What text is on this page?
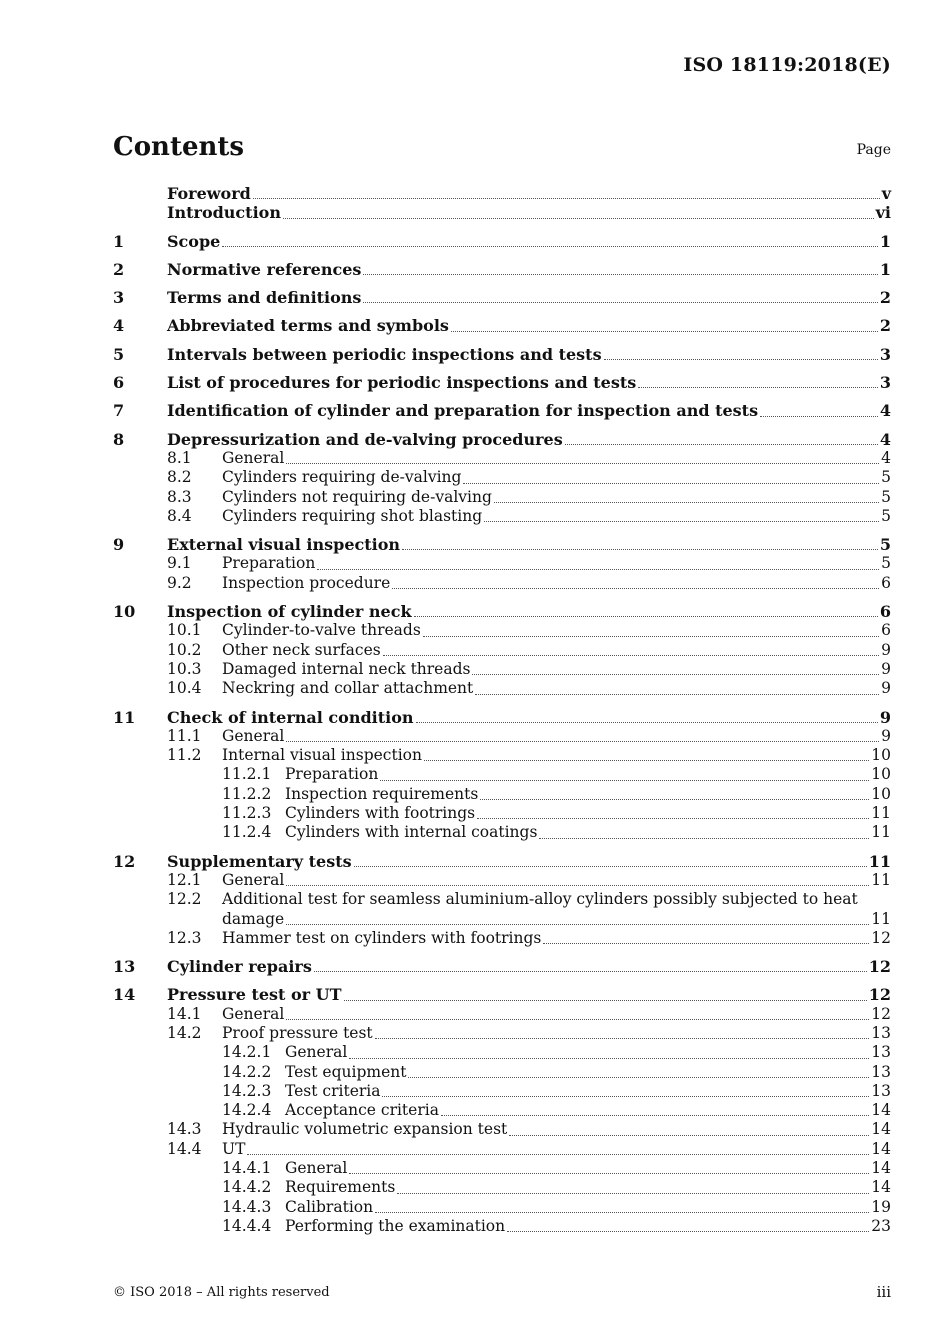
ISO 18119:2018(E)
Contents	Page
Foreword	v
Introduction	vi
1	Scope	1
2	Normative references	1
3	Terms and definitions	2
4	Abbreviated terms and symbols	2
5	Intervals between periodic inspections and tests	3
6	List of procedures for periodic inspections and tests	3
7	Identification of cylinder and preparation for inspection and tests	4
8	Depressurization and de-valving procedures	4
8.1	General	4
8.2	Cylinders requiring de-valving	5
8.3	Cylinders not requiring de-valving	5
8.4	Cylinders requiring shot blasting	5
9	External visual inspection	5
9.1	Preparation	5
9.2	Inspection procedure	6
10	Inspection of cylinder neck	6
10.1	Cylinder-to-valve threads	6
10.2	Other neck surfaces	9
10.3	Damaged internal neck threads	9
10.4	Neckring and collar attachment	9
11	Check of internal condition	9
11.1	General	9
11.2	Internal visual inspection	10
11.2.1 Preparation	10
11.2.2 Inspection requirements	10
11.2.3 Cylinders with footrings	11
11.2.4 Cylinders with internal coatings	11
12	Supplementary tests	11
12.1	General	11
12.2	Additional test for seamless aluminium-alloy cylinders possibly subjected to heat
damage	11
12.3	Hammer test on cylinders with footrings	12
13	Cylinder repairs	12
14	Pressure test or UT	12
14.1	General	12
14.2	Proof pressure test	13
14.2.1 General	13
14.2.2 Test equipment	13
14.2.3 Test criteria	13
14.2.4 Acceptance criteria	14
14.3	Hydraulic volumetric expansion test	14
14.4	UT	14
14.4.1 General	14
14.4.2 Requirements	14
14.4.3 Calibration	19
14.4.4 Performing the examination	23
© ISO 2018 – All rights reserved	iii
